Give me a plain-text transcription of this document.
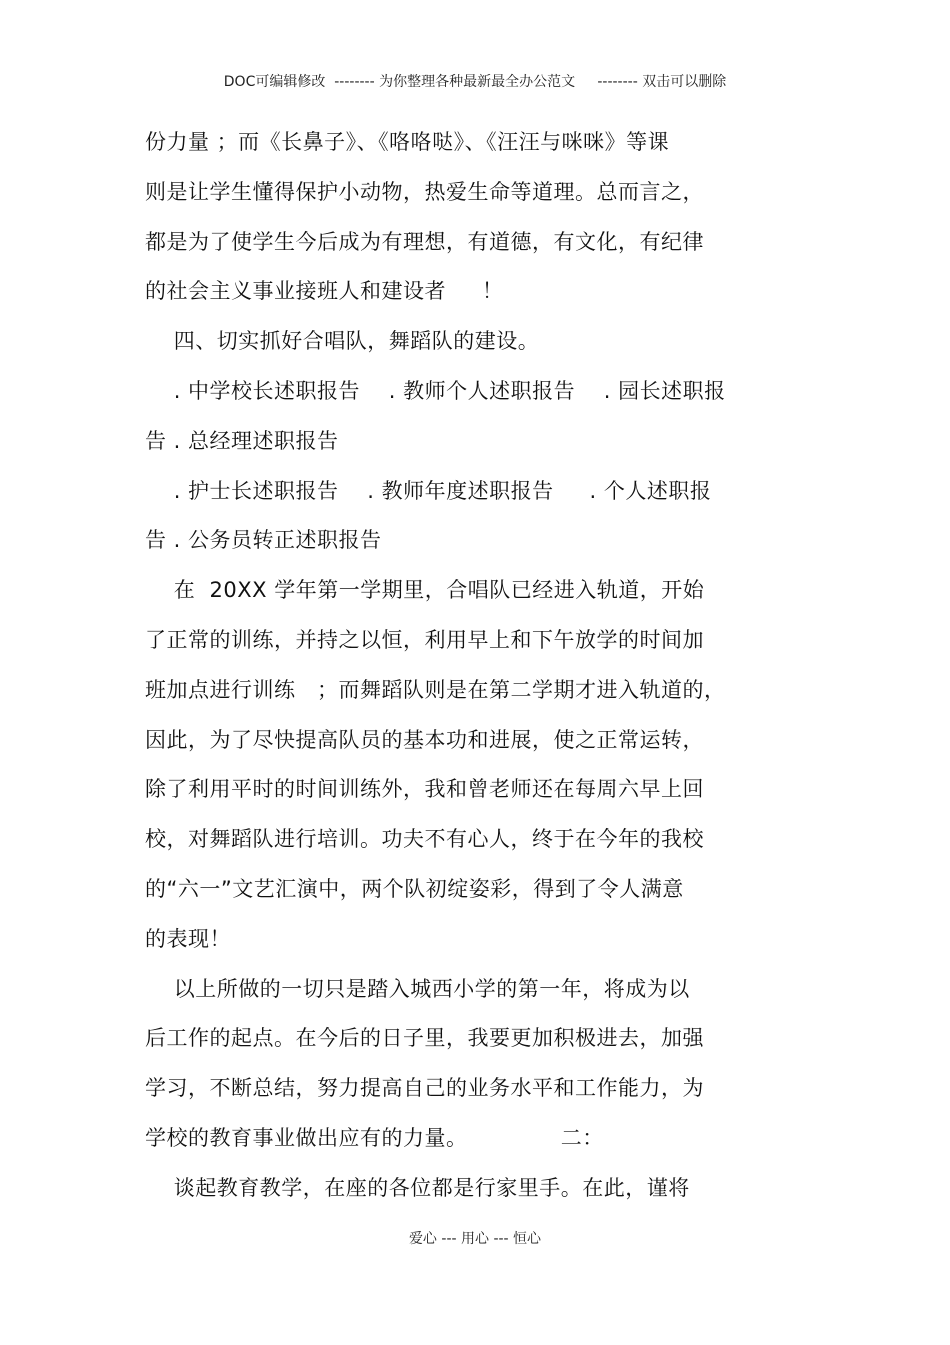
DOC可编辑修改  -------- 为你整理各种最新最全办公范文     -------- 双击可以删除
份力量 ；而《长鼻子》、《咯咯哒》、《汪汪与咪咪》等课
则是让学生懂得保护小动物，热爱生命等道理。总而言之，
都是为了使学生今后成为有理想，有道德，有文化，有纪律
的社会主义事业接班人和建设者     ！
四、切实抓好合唱队，舞蹈队的建设。
. 中学校长述职报告    . 教师个人述职报告    . 园长述职报
告 . 总经理述职报告
. 护士长述职报告    . 教师年度述职报告     . 个人述职报
告 . 公务员转正述职报告
在  20XX 学年第一学期里，合唱队已经进入轨道，开始
了正常的训练，并持之以恒，利用早上和下午放学的时间加
班加点进行训练   ；而舞蹈队则是在第二学期才进入轨道的，
因此，为了尽快提高队员的基本功和进展，使之正常运转，
除了利用平时的时间训练外，我和曾老师还在每周六早上回
校，对舞蹈队进行培训。功夫不有心人，终于在今年的我校
的“六一”文艺汇演中，两个队初绽姿彩，得到了令人满意
的表现！
以上所做的一切只是踏入城西小学的第一年，将成为以
后工作的起点。在今后的日子里，我要更加积极进去，加强
学习，不断总结，努力提高自己的业务水平和工作能力，为
学校的教育事业做出应有的力量。             二：
谈起教育教学，在座的各位都是行家里手。在此，谨将
爱心 --- 用心 --- 恒心
